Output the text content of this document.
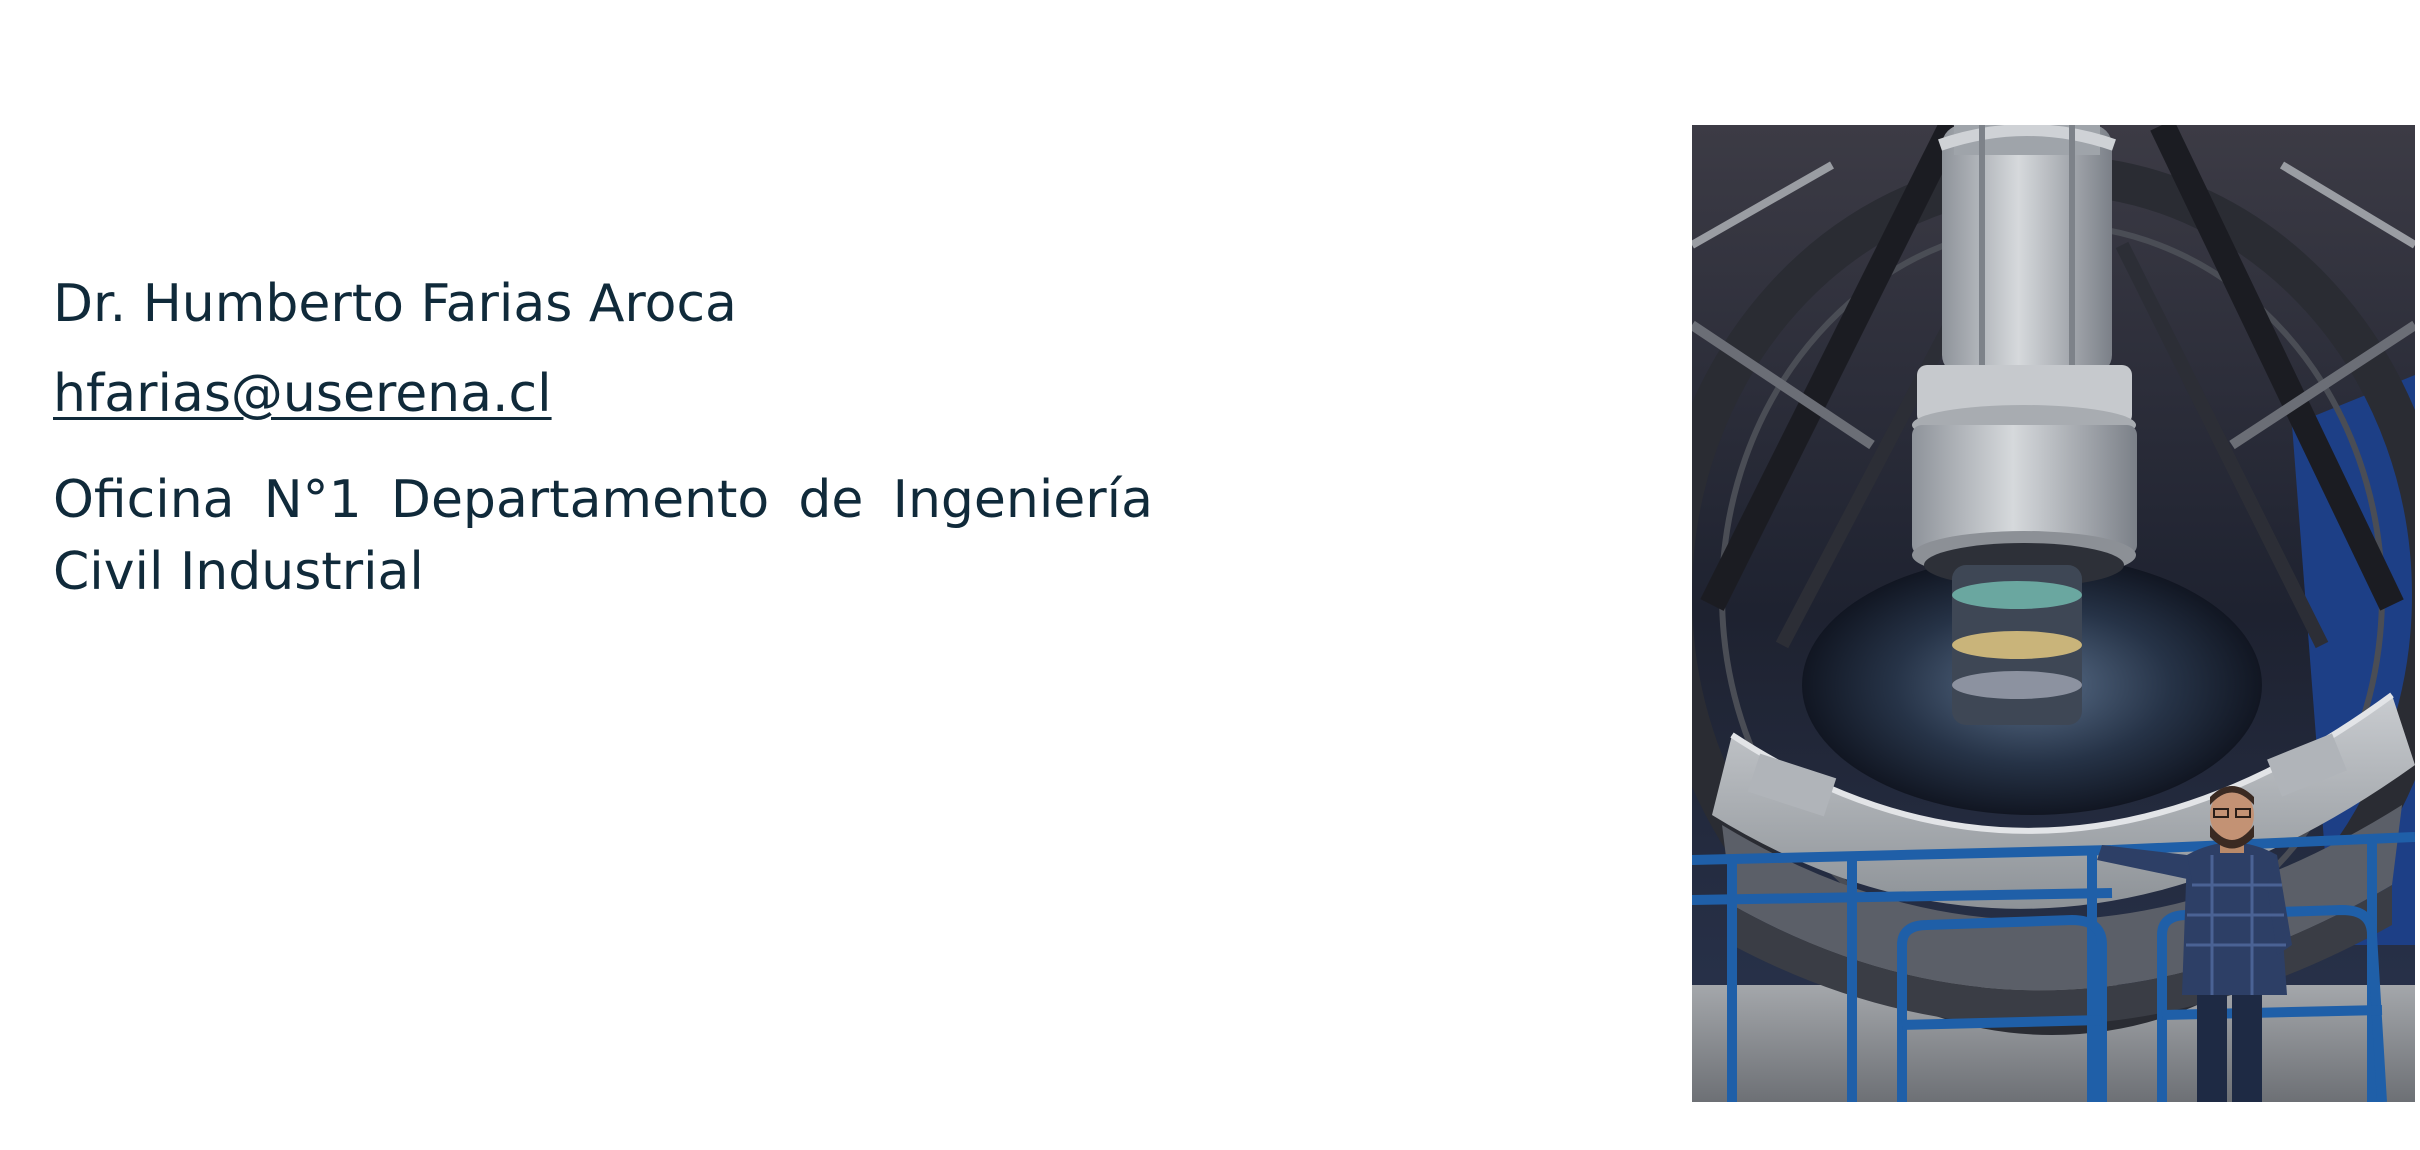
Dr. Humberto Farias Aroca
hfarias@userena.cl

Oficina N°1 Departamento de Ingeniería Civil Industrial
